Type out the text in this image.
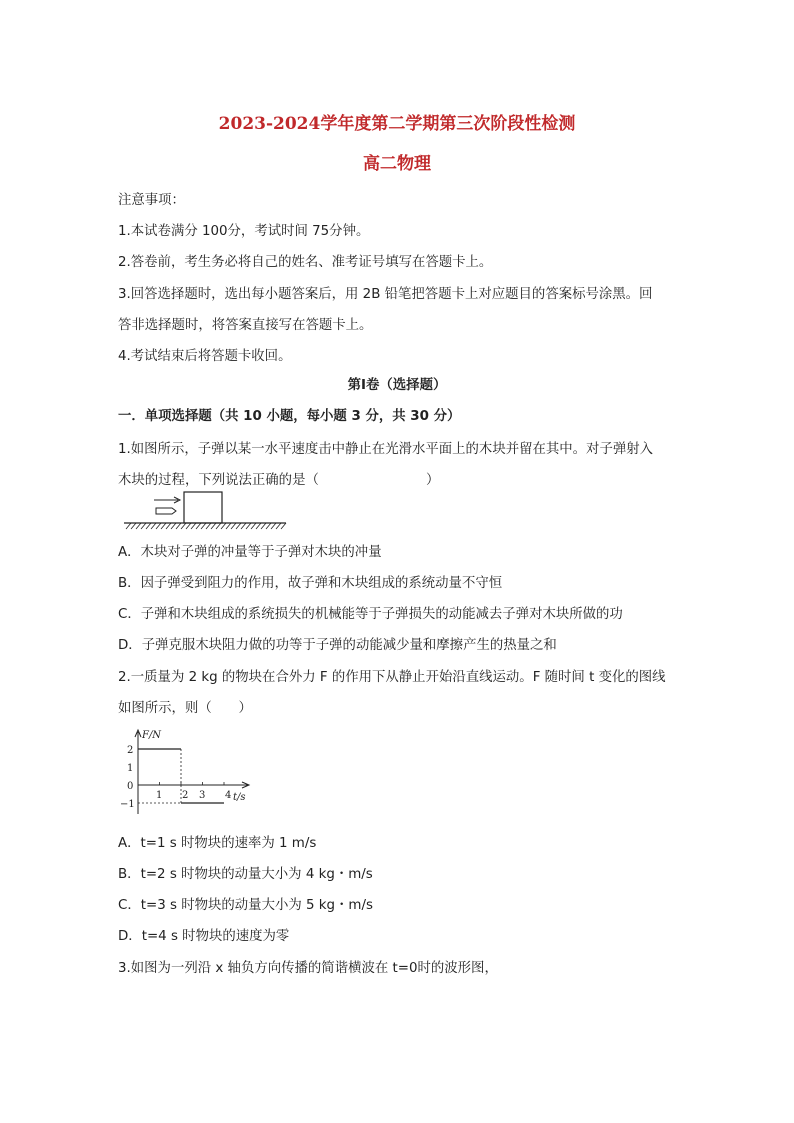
2023-2024学年度第二学期第三次阶段性检测
高二物理
注意事项：
1.本试卷满分 100分，考试时间 75分钟。
2.答卷前，考生务必将自己的姓名、准考证号填写在答题卡上。
3.回答选择题时，选出每小题答案后，用 2B 铅笔把答题卡上对应题目的答案标号涂黑。回
答非选择题时，将答案直接写在答题卡上。
4.考试结束后将答题卡收回。
第Ⅰ卷（选择题）
一．单项选择题（共 10 小题，每小题 3 分，共 30 分）
1.如图所示，子弹以某一水平速度击中静止在光滑水平面上的木块并留在其中。对子弹射入
木块的过程，下列说法正确的是（　　　　　　　　）
A．木块对子弹的冲量等于子弹对木块的冲量
B．因子弹受到阻力的作用，故子弹和木块组成的系统动量不守恒
C．子弹和木块组成的系统损失的机械能等于子弹损失的动能减去子弹对木块所做的功
D．子弹克服木块阻力做的功等于子弹的动能减少量和摩擦产生的热量之和
2.一质量为 2 kg 的物块在合外力 F 的作用下从静止开始沿直线运动。F 随时间 t 变化的图线
如图所示，则（　　）
F/N
t/s
2
1
0
−1
1 2 3 4
A．t=1 s 时物块的速率为 1 m/s
B．t=2 s 时物块的动量大小为 4 kg・m/s
C．t=3 s 时物块的动量大小为 5 kg・m/s
D．t=4 s 时物块的速度为零
3.如图为一列沿 x 轴负方向传播的简谐横波在 t=0时的波形图，
